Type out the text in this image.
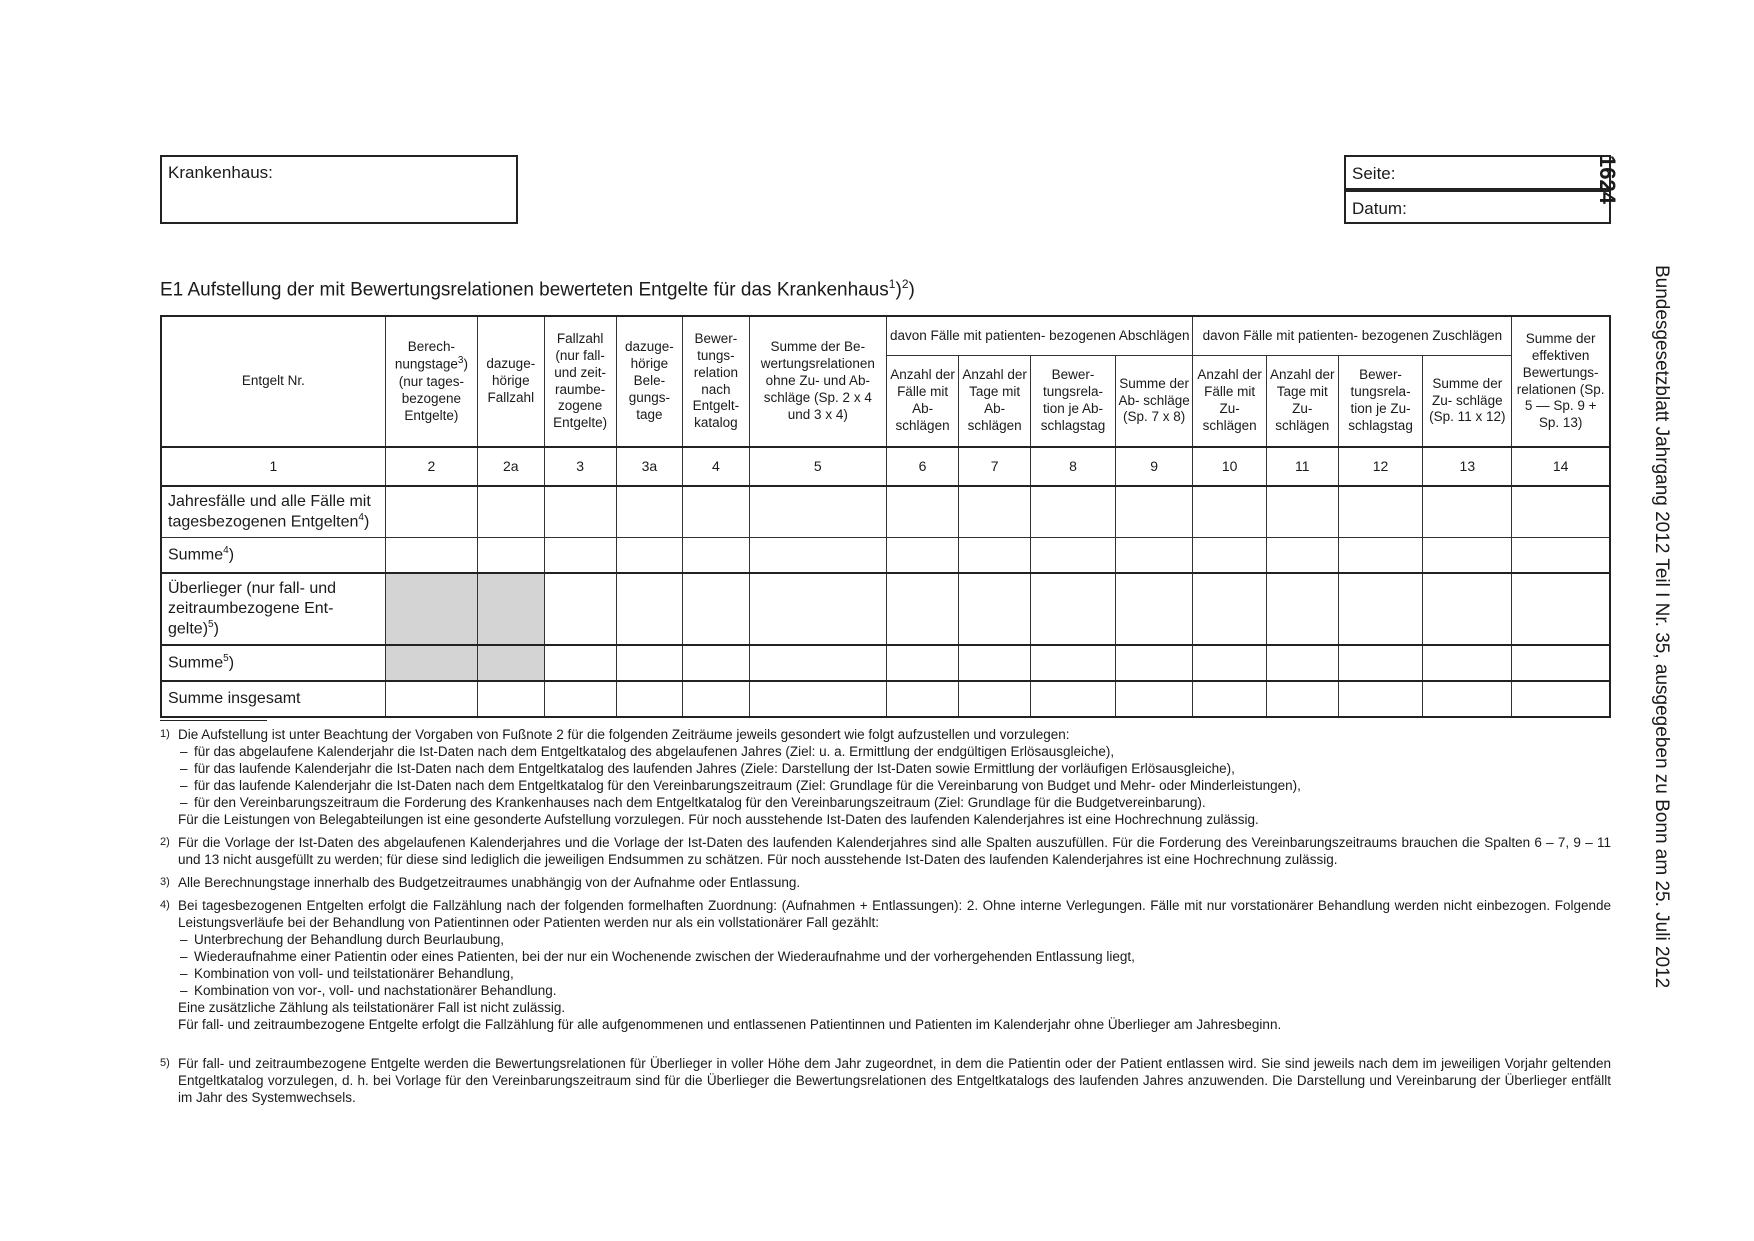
Krankenhaus:	Seite:
Datum:
1624
Bundesgesetzblatt Jahrgang 2012 Teil I Nr. 35, ausgegeben zu Bonn am 25. Juli 2012
E1 Aufstellung der mit Bewertungsrelationen bewerteten Entgelte für das Krankenhaus$^1$)$^2$)
Entgelt Nr.	Berech-
nungstage$^3$)
(nur tages-
bezogene
Entgelte)	dazuge-hörige Fallzahl	Fallzahl (nur fall- und zeit- raumbe- zogene Entgelte)	dazuge- hörige Bele- gungs- tage	Bewer- tungs- relation nach Entgelt- katalog	Summe der Be- wertungsrelationen ohne Zu- und Ab- schläge (Sp. 2 x 4 und 3 x 4)	davon Fälle mit patienten- bezogenen Abschlägen				davon Fälle mit patienten- bezogenen Zuschlägen				Summe der effektiven Bewertungs- relationen (Sp. 5 — Sp. 9 + Sp. 13)
							Anzahl der Fälle mit Ab- schlägen	Anzahl der Tage mit Ab- schlägen	Bewer- tungsrela- tion je Ab- schlagstag	Summe der Ab- schläge (Sp. 7 x 8)	Anzahl der Fälle mit Zu- schlägen	Anzahl der Tage mit Zu- schlägen	Bewer- tungsrela- tion je Zu- schlagstag	Summe der Zu- schläge (Sp. 11 x 12)	
1	2	2a	3	3a	4	5	6	7	8	9	10	11	12	13	14
Jahresfälle und alle Fälle mit tagesbezogenen Entgelten$^4$)															
Summe$^4$)															
Überlieger (nur fall- und zeitraumbezogene Ent- gelte)$^5$)															
Summe$^5$)															
Summe insgesamt															
1) Die Aufstellung ist unter Beachtung der Vorgaben von Fußnote 2 für die folgenden Zeiträume jeweils gesondert wie folgt aufzustellen und vorzulegen:
– für das abgelaufene Kalenderjahr die Ist-Daten nach dem Entgeltkatalog des abgelaufenen Jahres (Ziel: u. a. Ermittlung der endgültigen Erlösausgleiche),
– für das laufende Kalenderjahr die Ist-Daten nach dem Entgeltkatalog des laufenden Jahres (Ziele: Darstellung der Ist-Daten sowie Ermittlung der vorläufigen Erlösausgleiche),
– für das laufende Kalenderjahr die Ist-Daten nach dem Entgeltkatalog für den Vereinbarungszeitraum (Ziel: Grundlage für die Vereinbarung von Budget und Mehr- oder Minderleistungen),
– für den Vereinbarungszeitraum die Forderung des Krankenhauses nach dem Entgeltkatalog für den Vereinbarungszeitraum (Ziel: Grundlage für die Budgetvereinbarung).
Für die Leistungen von Belegabteilungen ist eine gesonderte Aufstellung vorzulegen. Für noch ausstehende Ist-Daten des laufenden Kalenderjahres ist eine Hochrechnung zulässig.
2) Für die Vorlage der Ist-Daten des abgelaufenen Kalenderjahres und die Vorlage der Ist-Daten des laufenden Kalenderjahres sind alle Spalten auszufüllen. Für die Forderung des Vereinbarungszeitraums brauchen die Spalten 6 – 7, 9 – 11 und 13 nicht ausgefüllt zu werden; für diese sind lediglich die jeweiligen Endsummen zu schätzen. Für noch ausstehende Ist-Daten des laufenden Kalenderjahres ist eine Hochrechnung zulässig.
3) Alle Berechnungstage innerhalb des Budgetzeitraumes unabhängig von der Aufnahme oder Entlassung.
4) Bei tagesbezogenen Entgelten erfolgt die Fallzählung nach der folgenden formelhaften Zuordnung: (Aufnahmen + Entlassungen): 2. Ohne interne Verlegungen. Fälle mit nur vorstationärer Behandlung werden nicht einbezogen. Folgende Leistungsverläufe bei der Behandlung von Patientinnen oder Patienten werden nur als ein vollstationärer Fall gezählt:
– Unterbrechung der Behandlung durch Beurlaubung,
– Wiederaufnahme einer Patientin oder eines Patienten, bei der nur ein Wochenende zwischen der Wiederaufnahme und der vorhergehenden Entlassung liegt,
– Kombination von voll- und teilstationärer Behandlung,
– Kombination von vor-, voll- und nachstationärer Behandlung.
Eine zusätzliche Zählung als teilstationärer Fall ist nicht zulässig.
Für fall- und zeitraumbezogene Entgelte erfolgt die Fallzählung für alle aufgenommenen und entlassenen Patientinnen und Patienten im Kalenderjahr ohne Überlieger am Jahresbeginn.
5) Für fall- und zeitraumbezogene Entgelte werden die Bewertungsrelationen für Überlieger in voller Höhe dem Jahr zugeordnet, in dem die Patientin oder der Patient entlassen wird. Sie sind jeweils nach dem im jeweiligen Vorjahr geltenden Entgeltkatalog vorzulegen, d. h. bei Vorlage für den Vereinbarungszeitraum sind für die Überlieger die Bewertungsrelationen des Entgeltkatalogs des laufenden Jahres anzuwenden. Die Darstellung und Vereinbarung der Überlieger entfällt im Jahr des Systemwechsels.
